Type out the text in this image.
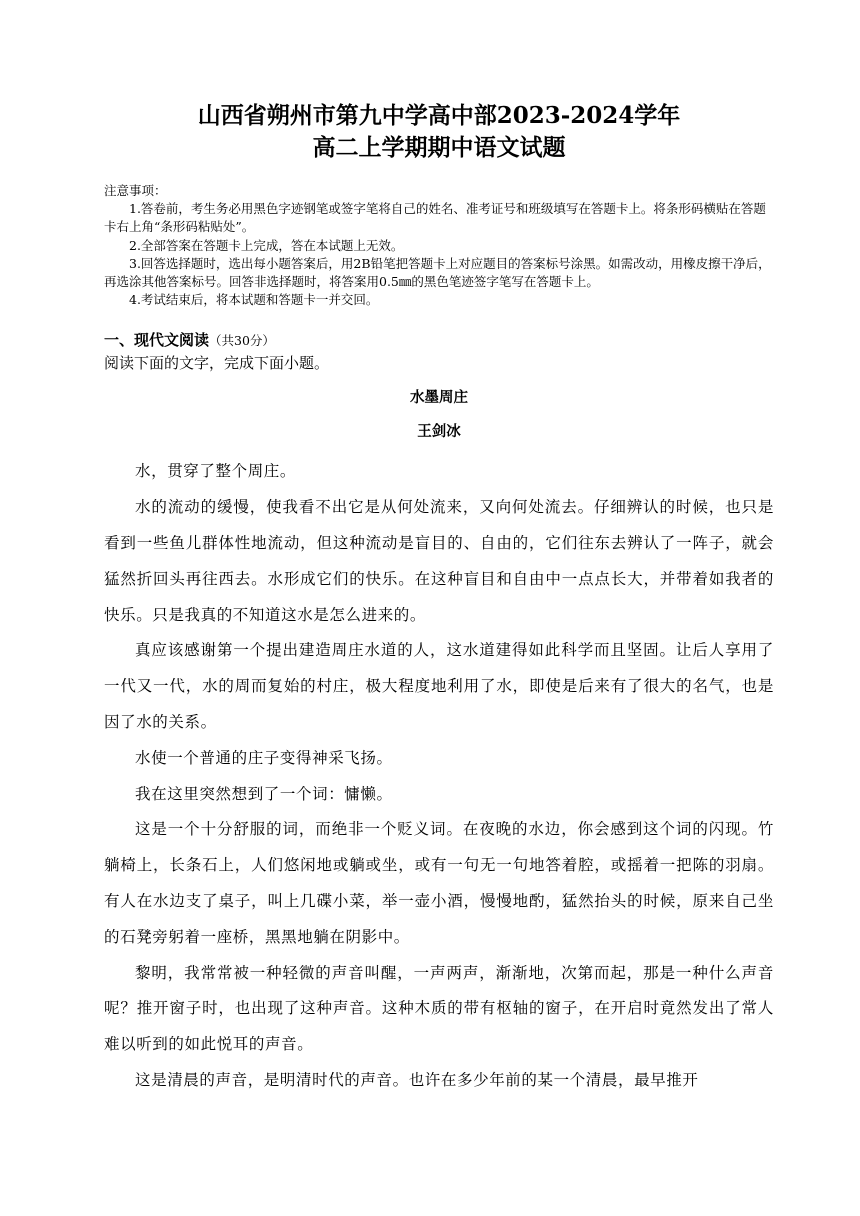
山西省朔州市第九中学高中部2023-2024学年

高二上学期期中语文试题

注意事项：

1.答卷前，考生务必用黑色字迹钢笔或签字笔将自己的姓名、准考证号和班级填写在答题卡上。将条形码横贴在答题卡右上角“条形码粘贴处”。

2.全部答案在答题卡上完成，答在本试题上无效。

3.回答选择题时，选出每小题答案后，用2B铅笔把答题卡上对应题目的答案标号涂黑。如需改动，用橡皮擦干净后，再选涂其他答案标号。回答非选择题时，将答案用0.5㎜的黑色笔迹签字笔写在答题卡上。

4.考试结束后，将本试题和答题卡一并交回。

一、现代文阅读（共30分）

阅读下面的文字，完成下面小题。

水墨周庄

王剑冰

水，贯穿了整个周庄。

水的流动的缓慢，使我看不出它是从何处流来，又向何处流去。仔细辨认的时候，也只是看到一些鱼儿群体性地流动，但这种流动是盲目的、自由的，它们往东去辨认了一阵子，就会猛然折回头再往西去。水形成它们的快乐。在这种盲目和自由中一点点长大，并带着如我者的快乐。只是我真的不知道这水是怎么进来的。

真应该感谢第一个提出建造周庄水道的人，这水道建得如此科学而且坚固。让后人享用了一代又一代，水的周而复始的村庄，极大程度地利用了水，即使是后来有了很大的名气，也是因了水的关系。

水使一个普通的庄子变得神采飞扬。

我在这里突然想到了一个词：慵懒。

这是一个十分舒服的词，而绝非一个贬义词。在夜晚的水边，你会感到这个词的闪现。竹躺椅上，长条石上，人们悠闲地或躺或坐，或有一句无一句地答着腔，或摇着一把陈的羽扇。有人在水边支了桌子，叫上几碟小菜，举一壶小酒，慢慢地酌，猛然抬头的时候，原来自己坐的石凳旁躬着一座桥，黑黑地躺在阴影中。

黎明，我常常被一种轻微的声音叫醒，一声两声，渐渐地，次第而起，那是一种什么声音呢？推开窗子时，也出现了这种声音。这种木质的带有枢轴的窗子，在开启时竟然发出了常人难以听到的如此悦耳的声音。

这是清晨的声音，是明清时代的声音。也许在多少年前的某一个清晨，最早推开
